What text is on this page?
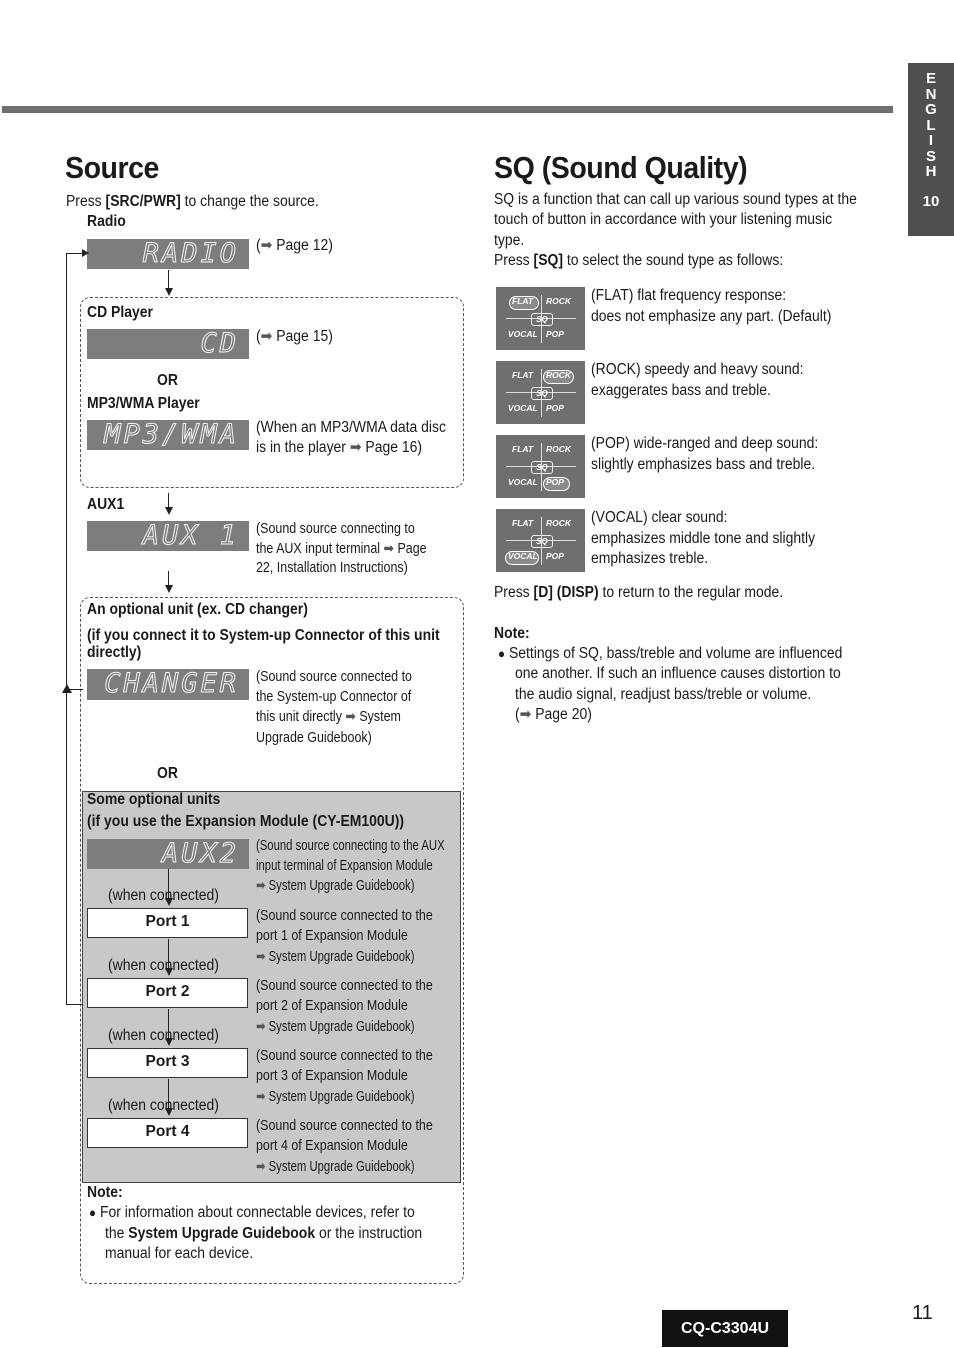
E
N
G
L
I
S
H
10
Source
Press [SRC/PWR] to change the source.
Radio
RADIO (➡ Page 12)
CD Player
CD (➡ Page 15)
OR
MP3/WMA Player
MP3/WMA (When an MP3/WMA data disc
is in the player ➡ Page 16)
AUX1
AUX 1 (Sound source connecting to
the AUX input terminal ➡ Page
22, Installation Instructions)
An optional unit (ex. CD changer)
(if you connect it to System-up Connector of this unit
directly)
CHANGER (Sound source connected to
the System-up Connector of
this unit directly ➡ System
Upgrade Guidebook)
OR
Some optional units
(if you use the Expansion Module (CY-EM100U))
AUX2 (Sound source connecting to the AUX
input terminal of Expansion Module
➡ System Upgrade Guidebook)
(when connected)
Port 1	(Sound source connected to the
port 1 of Expansion Module
➡ System Upgrade Guidebook)
(when connected)
Port 2	(Sound source connected to the
port 2 of Expansion Module
➡ System Upgrade Guidebook)
(when connected)
Port 3	(Sound source connected to the
port 3 of Expansion Module
➡ System Upgrade Guidebook)
(when connected)
Port 4	(Sound source connected to the
port 4 of Expansion Module
➡ System Upgrade Guidebook)
Note:
● For information about connectable devices, refer to
the System Upgrade Guidebook or the instruction
manual for each device.
SQ (Sound Quality)
SQ is a function that can call up various sound types at the
touch of button in accordance with your listening music
type.
Press [SQ] to select the sound type as follows:
FLAT ROCK
VOCAL POP
SQ
(FLAT) flat frequency response:
does not emphasize any part. (Default)
FLAT ROCK
VOCAL POP
SQ
(ROCK) speedy and heavy sound:
exaggerates bass and treble.
FLAT ROCK
VOCAL POP
SQ
(POP) wide-ranged and deep sound:
slightly emphasizes bass and treble.
FLAT ROCK
VOCAL POP
SQ
(VOCAL) clear sound:
emphasizes middle tone and slightly
emphasizes treble.
Press [D] (DISP) to return to the regular mode.
Note:
● Settings of SQ, bass/treble and volume are influenced
one another. If such an influence causes distortion to
the audio signal, readjust bass/treble or volume.
(➡ Page 20)
CQ-C3304U
11
